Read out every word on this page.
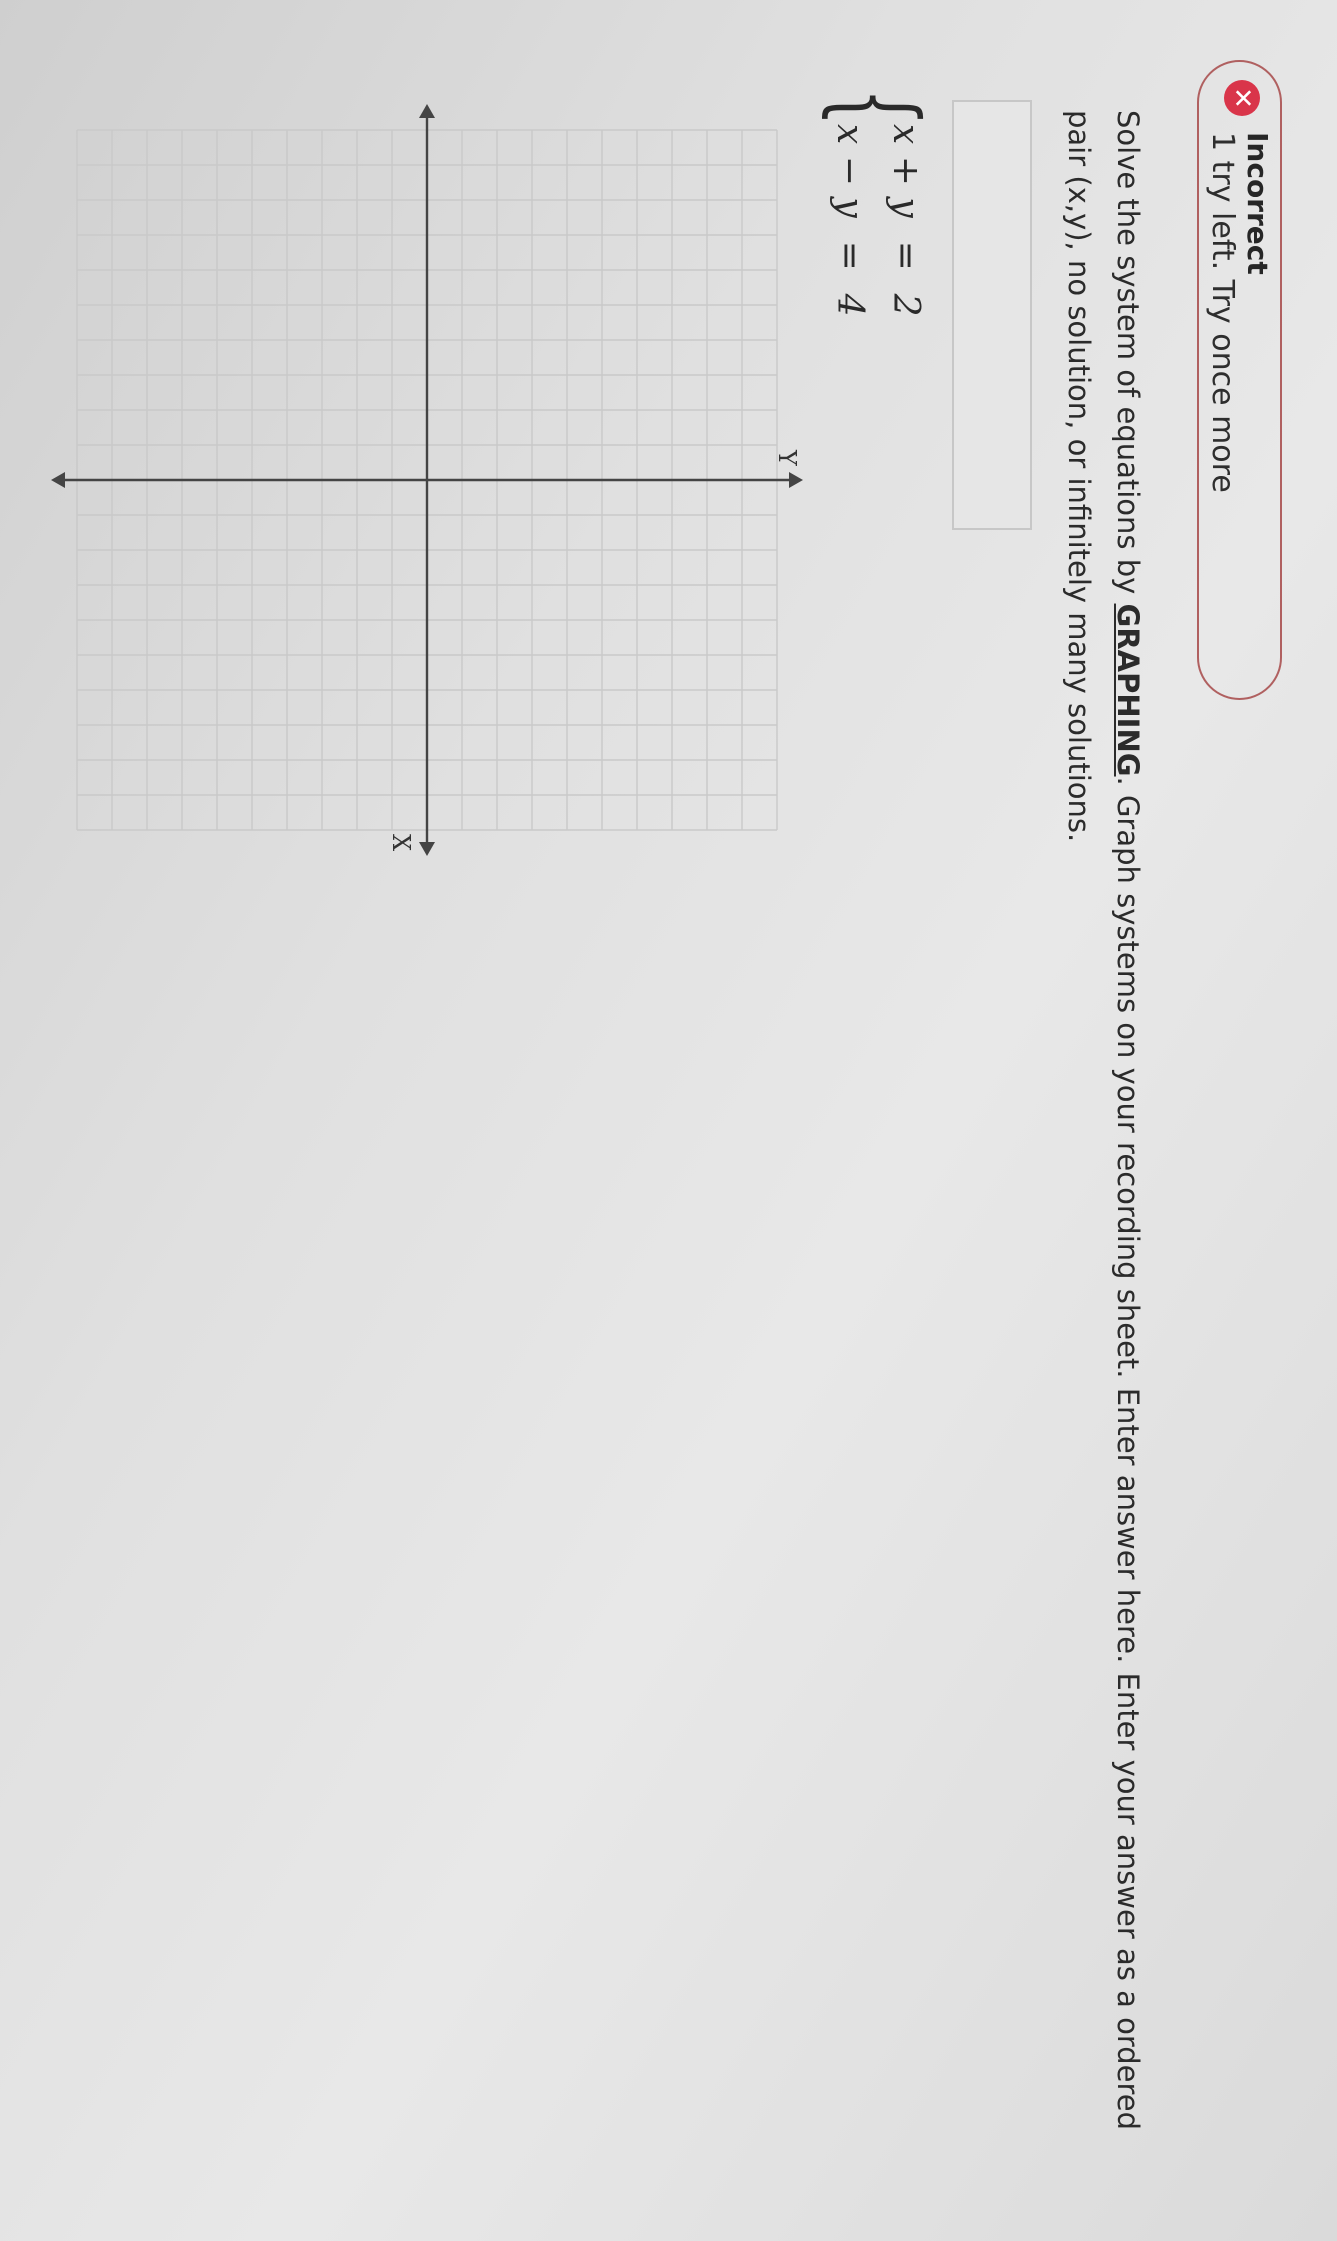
✕
Incorrect
1 try left. Try once more
Solve the system of equations by GRAPHING. Graph systems on your recording sheet. Enter answer here. Enter your answer as a ordered pair (x,y), no solution, or infinitely many solutions.
{
x + y  =  2
x − y  =  4
Y
X
